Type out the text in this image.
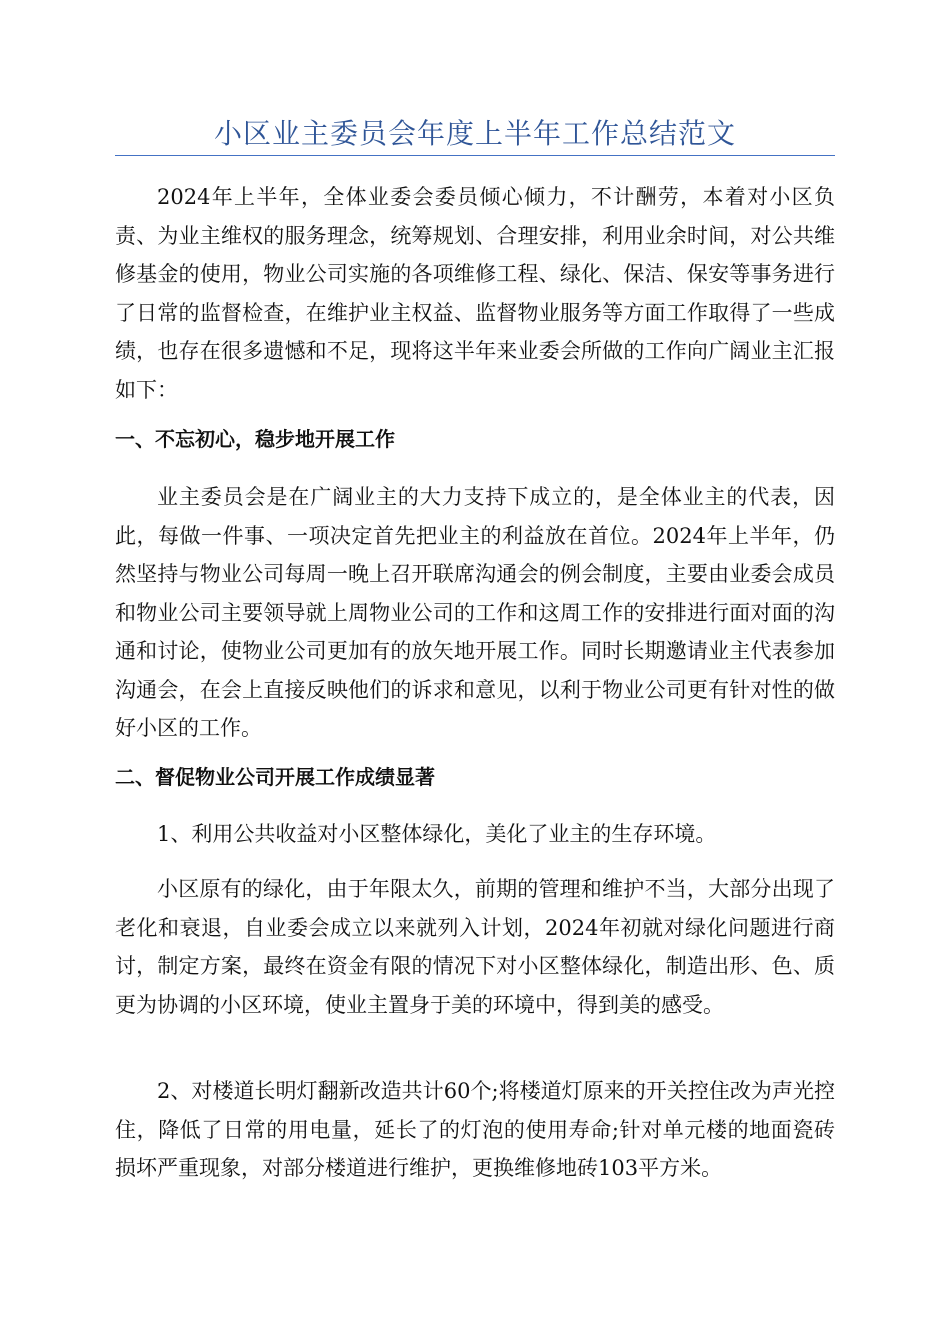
小区业主委员会年度上半年工作总结范文

2024年上半年，全体业委会委员倾心倾力，不计酬劳，本着对小区负责、为业主维权的服务理念，统筹规划、合理安排，利用业余时间，对公共维修基金的使用，物业公司实施的各项维修工程、绿化、保洁、保安等事务进行了日常的监督检查，在维护业主权益、监督物业服务等方面工作取得了一些成绩，也存在很多遗憾和不足，现将这半年来业委会所做的工作向广阔业主汇报如下：

一、不忘初心，稳步地开展工作

业主委员会是在广阔业主的大力支持下成立的，是全体业主的代表，因此，每做一件事、一项决定首先把业主的利益放在首位。2024年上半年，仍然坚持与物业公司每周一晚上召开联席沟通会的例会制度，主要由业委会成员和物业公司主要领导就上周物业公司的工作和这周工作的安排进行面对面的沟通和讨论，使物业公司更加有的放矢地开展工作。同时长期邀请业主代表参加沟通会，在会上直接反映他们的诉求和意见，以利于物业公司更有针对性的做好小区的工作。

二、督促物业公司开展工作成绩显著

1、利用公共收益对小区整体绿化，美化了业主的生存环境。

小区原有的绿化，由于年限太久，前期的管理和维护不当，大部分出现了老化和衰退，自业委会成立以来就列入计划，2024年初就对绿化问题进行商讨，制定方案，最终在资金有限的情况下对小区整体绿化，制造出形、色、质更为协调的小区环境，使业主置身于美的环境中，得到美的感受。

2、对楼道长明灯翻新改造共计60个;将楼道灯原来的开关控住改为声光控住，降低了日常的用电量，延长了的灯泡的使用寿命;针对单元楼的地面瓷砖损坏严重现象，对部分楼道进行维护，更换维修地砖103平方米。
